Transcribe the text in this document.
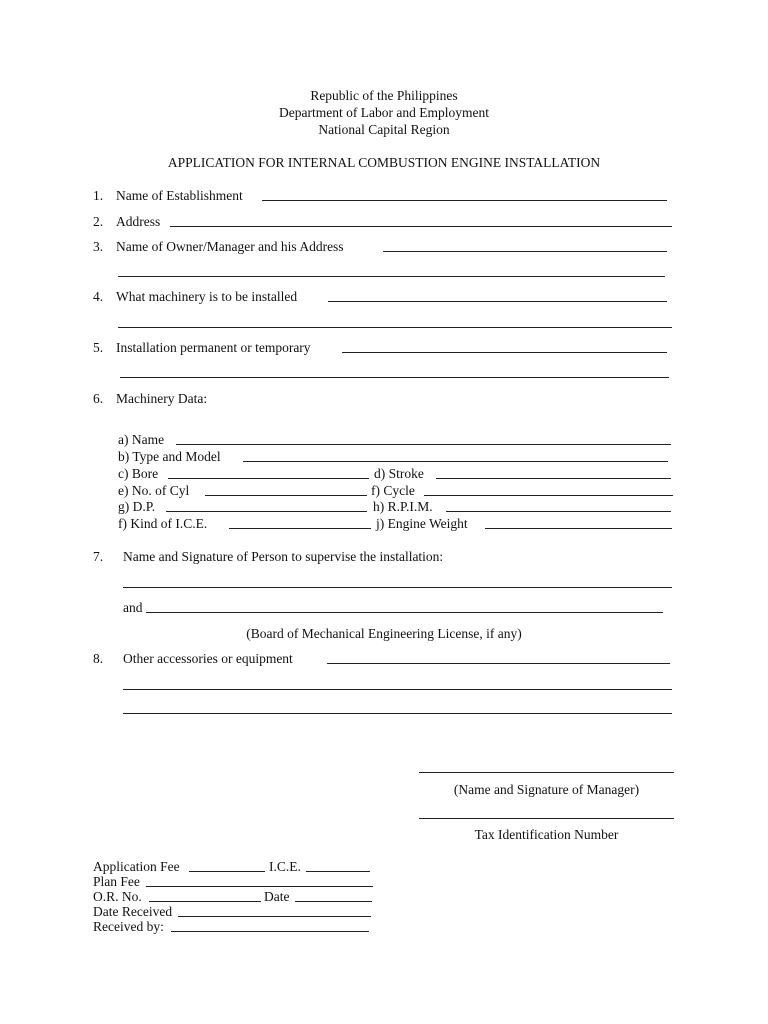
Republic of the Philippines
Department of Labor and Employment
National Capital Region
APPLICATION FOR INTERNAL COMBUSTION ENGINE INSTALLATION
1. Name of Establishment
2. Address
3. Name of Owner/Manager and his Address
4. What machinery is to be installed
5. Installation permanent or temporary
6. Machinery Data:
a) Name
b) Type and Model
c) Bore	d) Stroke
e) No. of Cyl	f) Cycle
g) D.P.	h) R.P.I.M.
f) Kind of I.C.E.	j) Engine Weight
7. Name and Signature of Person to supervise the installation:
and
(Board of Mechanical Engineering License, if any)
8. Other accessories or equipment
(Name and Signature of Manager)
Tax Identification Number
Application Fee	I.C.E.
Plan Fee
O.R. No.	Date
Date Received
Received by:
